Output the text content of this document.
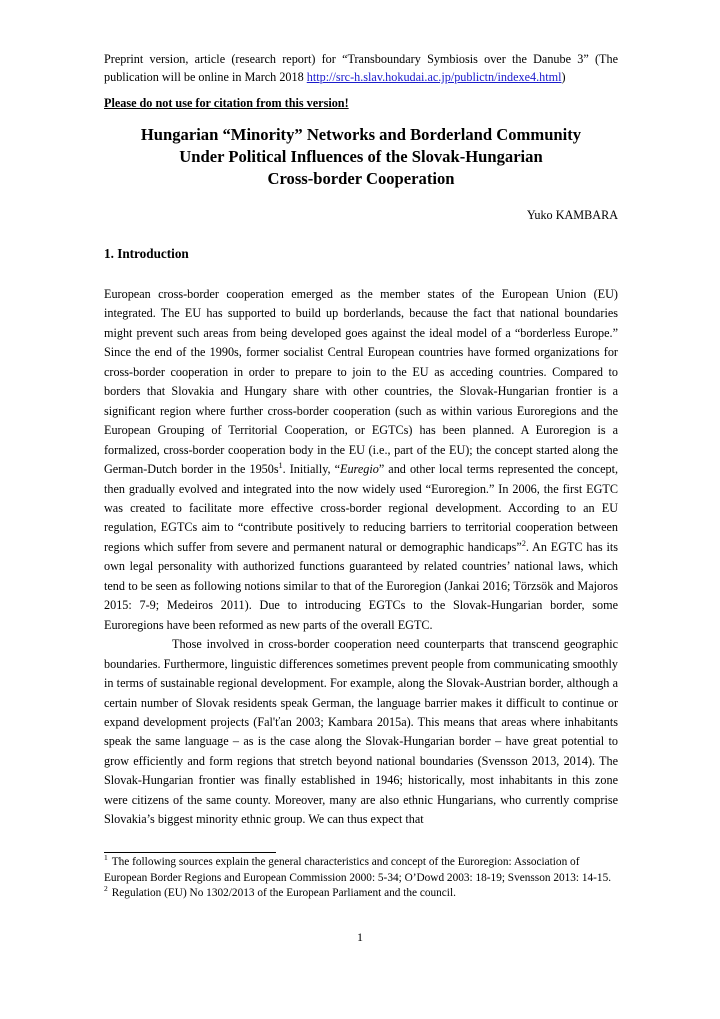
Preprint version, article (research report) for “Transboundary Symbiosis over the Danube 3” (The publication will be online in March 2018 http://src-h.slav.hokudai.ac.jp/publictn/indexe4.html)
Please do not use for citation from this version!
Hungarian “Minority” Networks and Borderland Community
Under Political Influences of the Slovak-Hungarian
Cross-border Cooperation
Yuko KAMBARA
1. Introduction

European cross-border cooperation emerged as the member states of the European Union (EU) integrated. The EU has supported to build up borderlands, because the fact that national boundaries might prevent such areas from being developed goes against the ideal model of a “borderless Europe.” Since the end of the 1990s, former socialist Central European countries have formed organizations for cross-border cooperation in order to prepare to join to the EU as acceding countries. Compared to borders that Slovakia and Hungary share with other countries, the Slovak-Hungarian frontier is a significant region where further cross-border cooperation (such as within various Euroregions and the European Grouping of Territorial Cooperation, or EGTCs) has been planned. A Euroregion is a formalized, cross-border cooperation body in the EU (i.e., part of the EU); the concept started along the German-Dutch border in the $1950s^1$. Initially, “Euregio” and other local terms represented the concept, then gradually evolved and integrated into the now widely used “Euroregion.” In 2006, the first EGTC was created to facilitate more effective cross-border regional development. According to an EU regulation, EGTCs aim to “contribute positively to reducing barriers to territorial cooperation between regions which suffer from severe and permanent natural or demographic handicaps”$^2$. An EGTC has its own legal personality with authorized functions guaranteed by related countries’ national laws, which tend to be seen as following notions similar to that of the Euroregion (Jankai 2016; Törzsök and Majoros 2015: 7-9; Medeiros 2011). Due to introducing EGTCs to the Slovak-Hungarian border, some Euroregions have been reformed as new parts of the overall EGTC.

Those involved in cross-border cooperation need counterparts that transcend geographic boundaries. Furthermore, linguistic differences sometimes prevent people from communicating smoothly in terms of sustainable regional development. For example, along the Slovak-Austrian border, although a certain number of Slovak residents speak German, the language barrier makes it difficult to continue or expand development projects (Fal'ťan 2003; Kambara 2015a). This means that areas where inhabitants speak the same language – as is the case along the Slovak-Hungarian border – have great potential to grow efficiently and form regions that stretch beyond national boundaries (Svensson 2013, 2014). The Slovak-Hungarian frontier was finally established in 1946; historically, most inhabitants in this zone were citizens of the same county. Moreover, many are also ethnic Hungarians, who currently comprise Slovakia’s biggest minority ethnic group. We can thus expect that

$^1$ The following sources explain the general characteristics and concept of the Euroregion: Association of European Border Regions and European Commission 2000: 5-34; O’Dowd 2003: 18-19; Svensson 2013: 14-15.
$^2$ Regulation (EU) No 1302/2013 of the European Parliament and the council.
1
